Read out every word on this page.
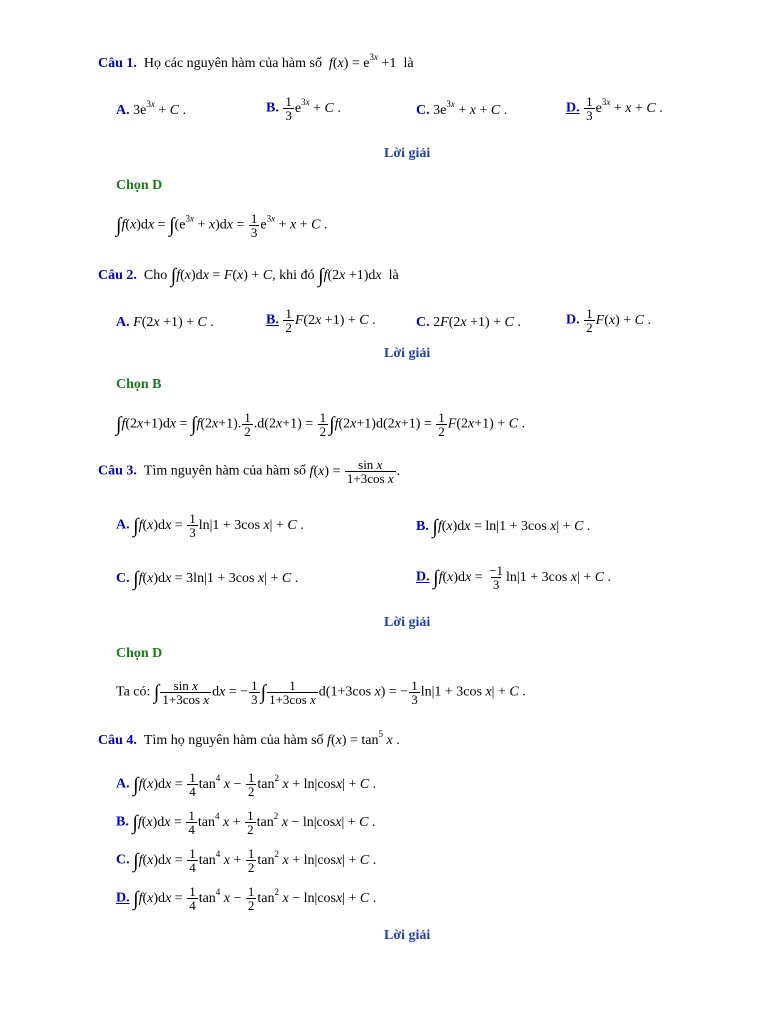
Câu 1. Họ các nguyên hàm của hàm số $f(x) = e^{3x} +1$ là
A. $3e^{3x} + C$ .	B. $\frac{1}{3} e^{3x} + C$ .	C. $3e^{3x} + x + C$ .	D. $\frac{1}{3} e^{3x} + x + C$ .
Lời giải
Chọn D
$\int f(x)dx = \int(e^{3x} + x)dx = \frac{1}{3} e^{3x} + x + C$ .
Câu 2. Cho ∫f(x)dx = F(x) + C, khi đó ∫f(2x +1)dx là
A. F(2x +1) + C .	B. $\frac{1}{2} F(2x +1) + C$ .	C. 2F(2x +1) + C .	D. $\frac{1}{2} F(x) + C$ .
Lời giải
Chọn B
∫f(2x+1)dx = ∫f(2x+1). $\frac{1}{2} .d(2x+1) = \frac{1}{2} \int f(2x+1)d(2x+1) = \frac{1}{2} F(2x+1) + C$ .
Câu 3. Tìm nguyên hàm của hàm số $f(x) = \frac{\text{sin x}}{\text{1+3cos x}}$ .
A. $\int f(x)dx = \frac{1}{3} \ln|1 + 3\cos$ x| + C .	B. ∫f(x)dx = ln|1 + 3cos x| + C .
C. ∫f(x)dx = 3ln|1 + 3cos x| + C .	D. $\int f(x)dx = \frac{-1}{3} \ln|1 + 3\cos$ x| + C .
Lời giải
Chọn D
Ta có: ∫ $\frac{\text{sin x}}{\text{1+3cos x}}$ dx = − $\frac{1}{3}$ ∫ $\frac{1}{\text{1+3cos x}} d(1+3\cos$ x) = − $\frac{1}{3} \ln|1 + 3\cos$ x| + C .
Câu 4. Tìm họ nguyên hàm của hàm số $f(x) = \tan^5 x$ .
A. $\int f(x)dx = \frac{1}{4} \tan^4 x - \frac{1}{2} \tan^2 x + \ln|\cos x| + C$ .
B. $\int f(x)dx = \frac{1}{4} \tan^4 x + \frac{1}{2} \tan^2 x - \ln|\cos x| + C$ .
C. $\int f(x)dx = \frac{1}{4} \tan^4 x + \frac{1}{2} \tan^2 x + \ln|\cos x| + C$ .
D. $\int f(x)dx = \frac{1}{4} \tan^4 x - \frac{1}{2} \tan^2 x - \ln|\cos x| + C$ .
Lời giải
